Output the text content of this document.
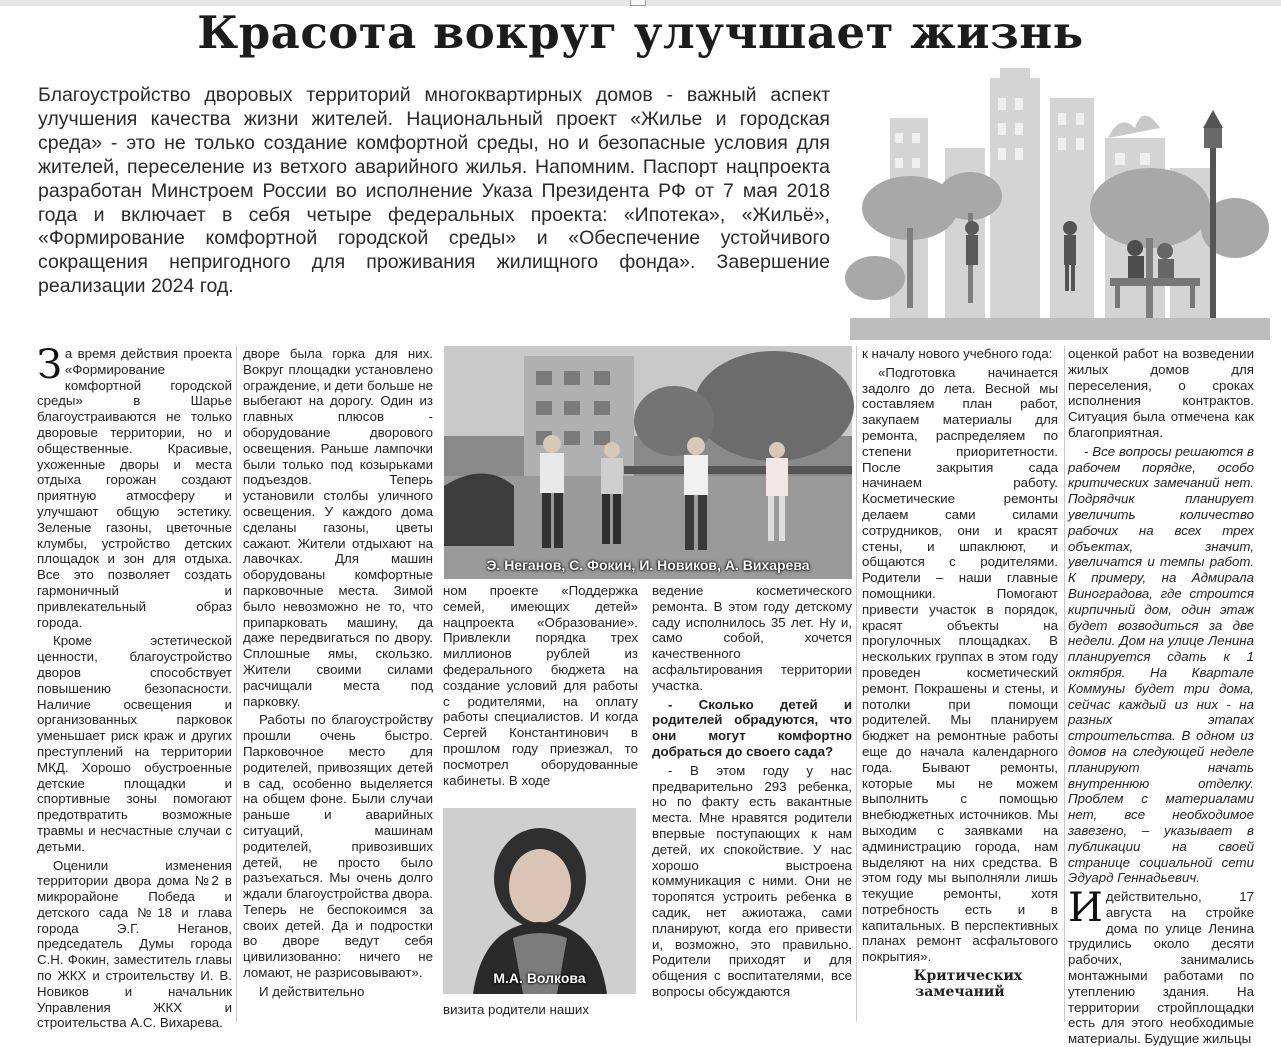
Красота вокруг улучшает жизнь
Благоустройство дворовых территорий многоквартирных домов - важный аспект улучшения качества жизни жителей. Национальный проект «Жилье и городская среда» - это не только создание комфортной среды, но и безопасные условия для жителей, переселение из ветхого аварийного жилья. Напомним. Паспорт нацпроекта разработан Минстроем России во исполнение Указа Президента РФ от 7 мая 2018 года и включает в себя четыре федеральных проекта: «Ипотека», «Жильё», «Формирование комфортной городской среды» и «Обеспечение устойчивого сокращения непригодного для проживания жилищного фонда». Завершение реализации 2024 год.

За время действия проекта «Формирование комфортной городской среды» в Шарье благоустраиваются не только дворовые территории, но и общественные. Красивые, ухоженные дворы и места отдыха горожан создают приятную атмосферу и улучшают общую эстетику. Зеленые газоны, цветочные клумбы, устройство детских площадок и зон для отдыха. Все это позволяет создать гармоничный и привлекательный образ города.

Кроме эстетической ценности, благоустройство дворов способствует повышению безопасности. Наличие освещения и организованных парковок уменьшает риск краж и других преступлений на территории МКД. Хорошо обустроенные детские площадки и спортивные зоны помогают предотвратить возможные травмы и несчастные случаи с детьми.

Оценили изменения территории двора дома №2 в микрорайоне Победа и детского сада №18 и глава города Э.Г. Неганов, председатель Думы города С.Н. Фокин, заместитель главы по ЖКХ и строительству И. В. Новиков и начальник Управления ЖКХ и строительства А.С. Вихарева.

дворе была горка для них. Вокруг площадки установлено ограждение, и дети больше не выбегают на дорогу. Один из главных плюсов - оборудование дворового освещения. Раньше лампочки были только под козырьками подъездов. Теперь установили столбы уличного освещения. У каждого дома сделаны газоны, цветы сажают. Жители отдыхают на лавочках. Для машин оборудованы комфортные парковочные места. Зимой было невозможно не то, что припарковать машину, да даже передвигаться по двору. Сплошные ямы, скользко. Жители своими силами расчищали места под парковку.

Работы по благоустройству прошли очень быстро. Парковочное место для родителей, привозящих детей в сад, особенно выделяется на общем фоне. Были случаи раньше и аварийных ситуаций, машинам родителей, привозивших детей, не просто было разъехаться. Мы очень долго ждали благоустройства двора. Теперь не беспокоимся за своих детей. Да и подростки во дворе ведут себя цивилизованно: ничего не ломают, не разрисовывают».

И действительно

Э. Неганов, С. Фокин, И. Новиков, А. Вихарева

ном проекте «Поддержка семей, имеющих детей» нацпроекта «Образование». Привлекли порядка трех миллионов рублей из федерального бюджета на создание условий для работы с родителями, на оплату работы специалистов. И когда Сергей Константинович в прошлом году приезжал, то посмотрел оборудованные кабинеты. В ходе

М.А. Волкова

визита родители наших

ведение косметического ремонта. В этом году детскому саду исполнилось 35 лет. Ну и, само собой, хочется качественного асфальтирования территории участка.

- Сколько детей и родителей обрадуются, что они могут комфортно добраться до своего сада?

- В этом году у нас предварительно 293 ребенка, но по факту есть вакантные места. Мне нравятся родители впервые поступающих к нам детей, их спокойствие. У нас хорошо выстроена коммуникация с ними. Они не торопятся устроить ребенка в садик, нет ажиотажа, сами планируют, когда его привести и, возможно, это правильно. Родители приходят и для общения с воспитателями, все вопросы обсуждаются

к началу нового учебного года:

«Подготовка начинается задолго до лета. Весной мы составляем план работ, закупаем материалы для ремонта, распределяем по степени приоритетности. После закрытия сада начинаем работу. Косметические ремонты делаем сами силами сотрудников, они и красят стены, и шпаклюют, и общаются с родителями. Родители – наши главные помощники. Помогают привести участок в порядок, красят объекты на прогулочных площадках. В нескольких группах в этом году проведен косметический ремонт. Покрашены и стены, и потолки при помощи родителей. Мы планируем бюджет на ремонтные работы еще до начала календарного года. Бывают ремонты, которые мы не можем выполнить с помощью внебюджетных источников. Мы выходим с заявками на администрацию города, нам выделяют на них средства. В этом году мы выполняли лишь текущие ремонты, хотя потребность есть и в капитальных. В перспективных планах ремонт асфальтового покрытия».

Критических замечаний

оценкой работ на возведении жилых домов для переселения, о сроках исполнения контрактов. Ситуация была отмечена как благоприятная.

- Все вопросы решаются в рабочем порядке, особо критических замечаний нет. Подрядчик планирует увеличить количество рабочих на всех трех объектах, значит, увеличатся и темпы работ. К примеру, на Адмирала Виноградова, где строится кирпичный дом, один этаж будет возводиться за две недели. Дом на улице Ленина планируется сдать к 1 октября. На Квартале Коммуны будет три дома, сейчас каждый из них - на разных этапах строительства. В одном из домов на следующей неделе планируют начать внутреннюю отделку. Проблем с материалами нет, все необходимое завезено, – указывает в публикации на своей странице социальной сети Эдуард Геннадьевич.

Идействительно, 17 августа на стройке дома по улице Ленина трудились около десяти рабочих, занимались монтажными работами по утеплению здания. На территории стройплощадки есть для этого необходимые материалы. Будущие жильцы
